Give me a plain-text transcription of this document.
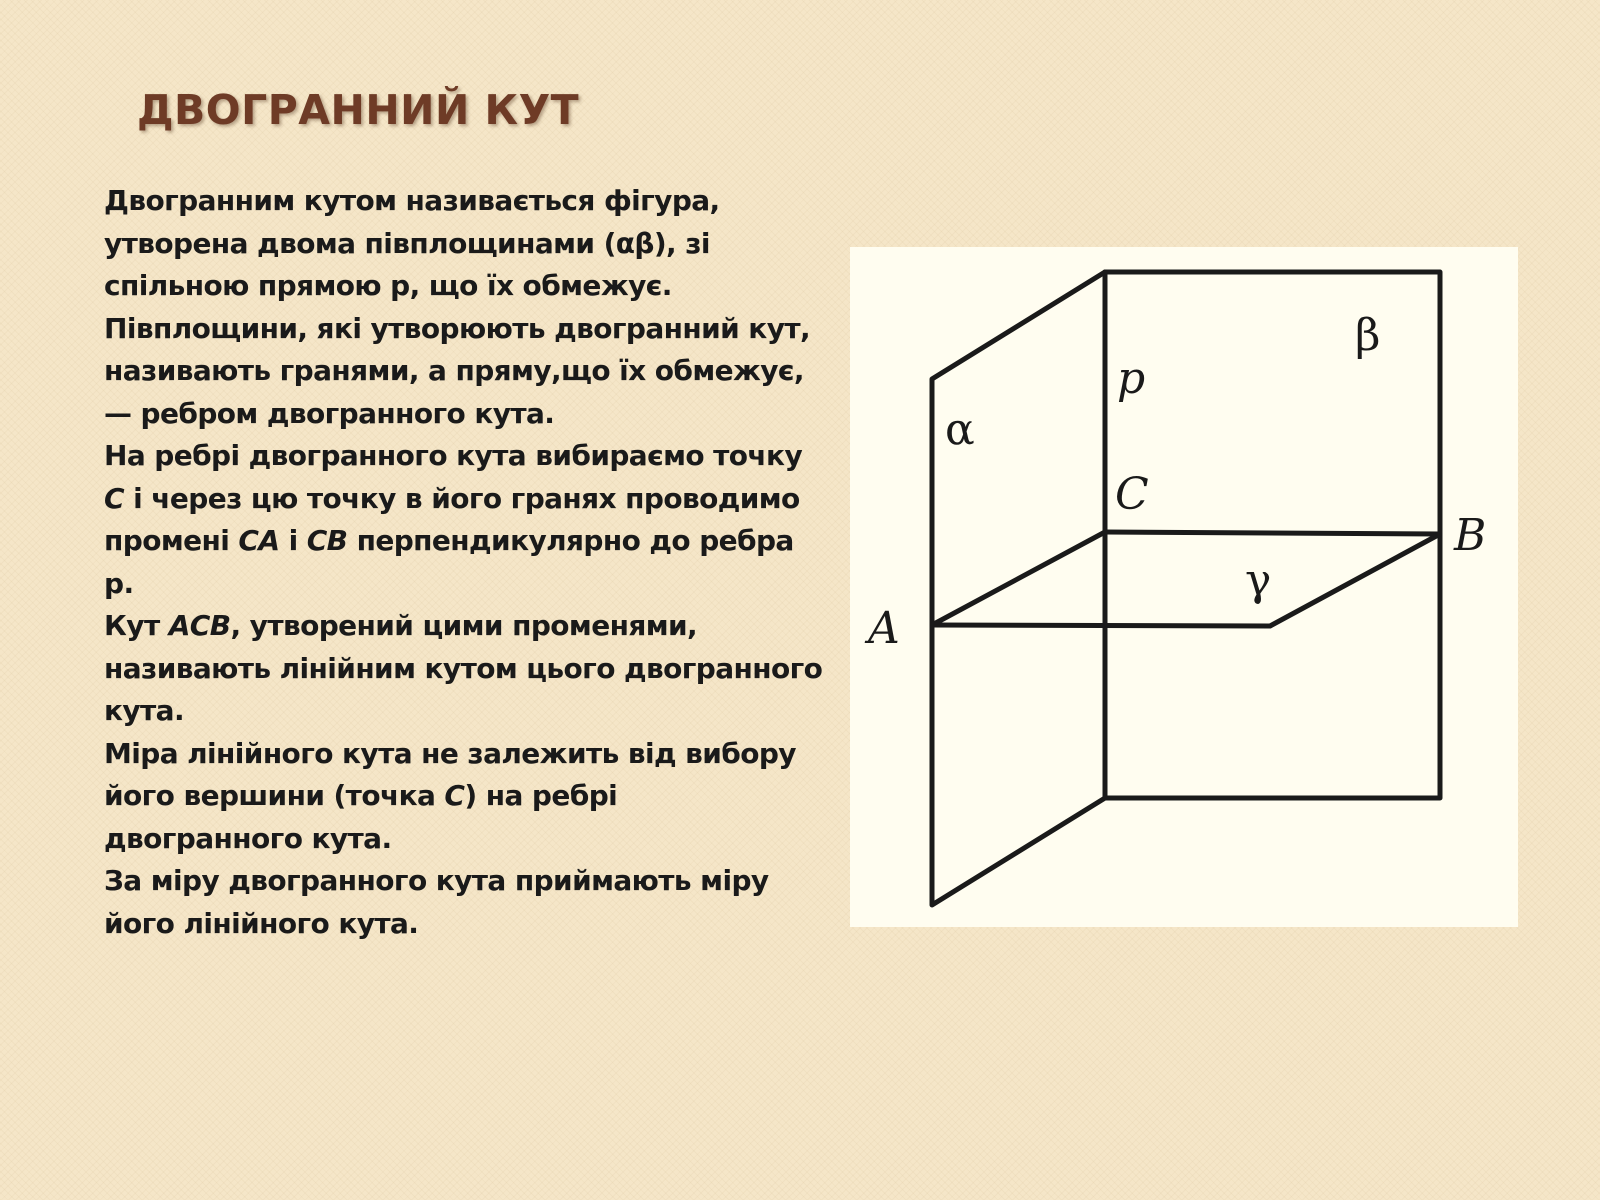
ДВОГРАННИЙ КУТ

Двогранним кутом називається фігура, утворена двома півплощинами (αβ), зі спільною прямою р, що їх обмежує.

Півплощини, які утворюють двогранний кут, називають гранями, а пряму,що їх обмежує, — ребром двогранного кута.

На ребрі двогранного кута вибираємо точку С і через цю точку в його гранях проводимо промені СА і СВ перпендикулярно до ребра р.

Кут АСВ, утворений цими променями, називають лінійним кутом цього двогранного кута.

Міра лінійного кута не залежить від вибору його вершини (точка С) на ребрі двогранного кута.

За міру двогранного кута приймають міру його лінійного кута.

α
β
γ
p
C
A
B
